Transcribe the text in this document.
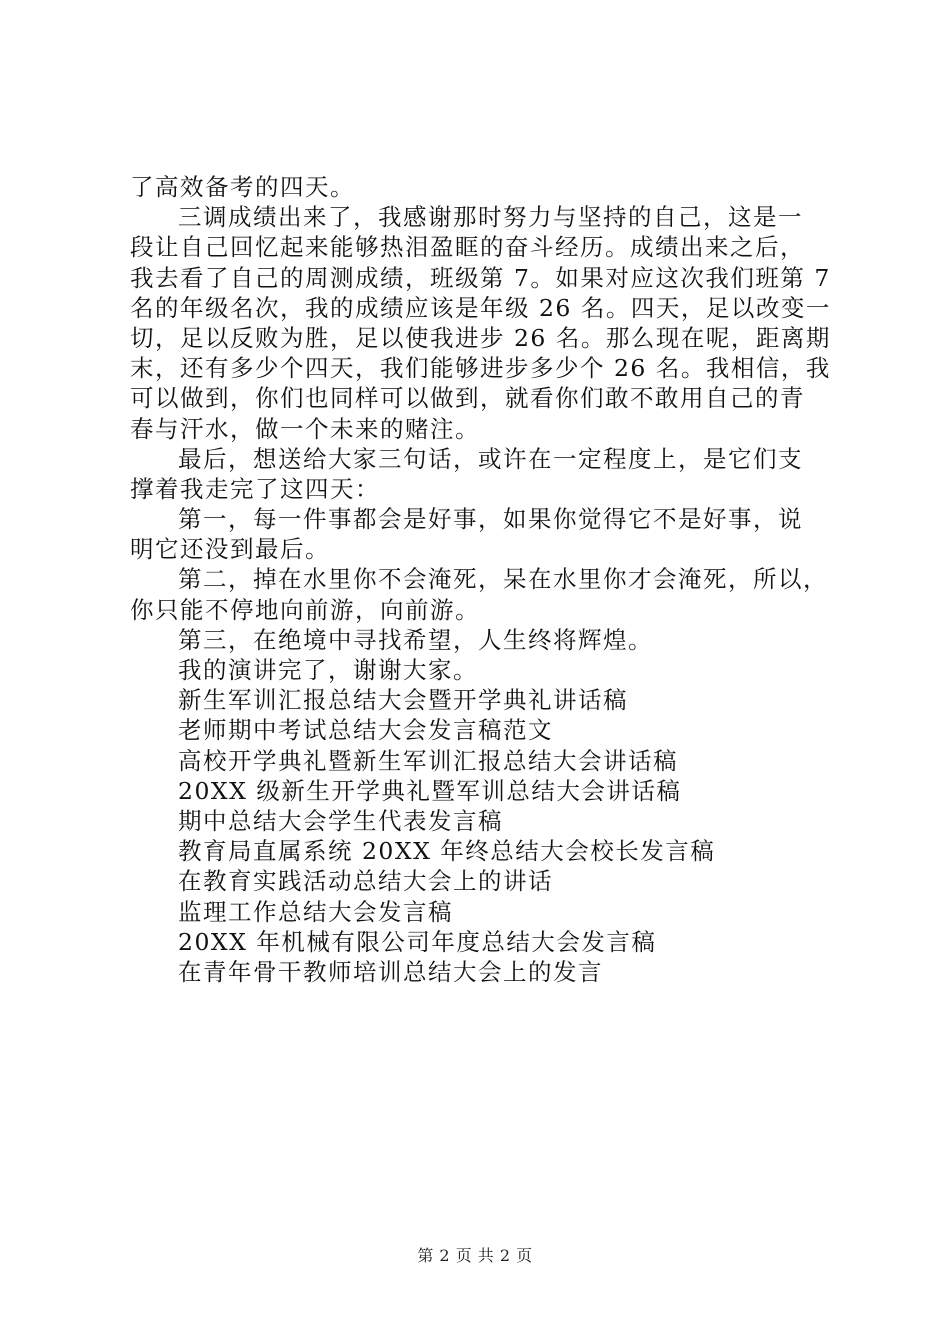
了高效备考的四天。
三调成绩出来了，我感谢那时努力与坚持的自己，这是一
段让自己回忆起来能够热泪盈眶的奋斗经历。成绩出来之后，
我去看了自己的周测成绩，班级第 7。如果对应这次我们班第 7
名的年级名次，我的成绩应该是年级 26 名。四天，足以改变一
切，足以反败为胜，足以使我进步 26 名。那么现在呢，距离期
末，还有多少个四天，我们能够进步多少个 26 名。我相信，我
可以做到，你们也同样可以做到，就看你们敢不敢用自己的青
春与汗水，做一个未来的赌注。
最后，想送给大家三句话，或许在一定程度上，是它们支
撑着我走完了这四天：
第一，每一件事都会是好事，如果你觉得它不是好事，说
明它还没到最后。
第二，掉在水里你不会淹死，呆在水里你才会淹死，所以，
你只能不停地向前游，向前游。
第三，在绝境中寻找希望，人生终将辉煌。
我的演讲完了，谢谢大家。
新生军训汇报总结大会暨开学典礼讲话稿
老师期中考试总结大会发言稿范文
高校开学典礼暨新生军训汇报总结大会讲话稿
20XX 级新生开学典礼暨军训总结大会讲话稿
期中总结大会学生代表发言稿
教育局直属系统 20XX 年终总结大会校长发言稿
在教育实践活动总结大会上的讲话
监理工作总结大会发言稿
20XX 年机械有限公司年度总结大会发言稿
在青年骨干教师培训总结大会上的发言
第 2 页 共 2 页
